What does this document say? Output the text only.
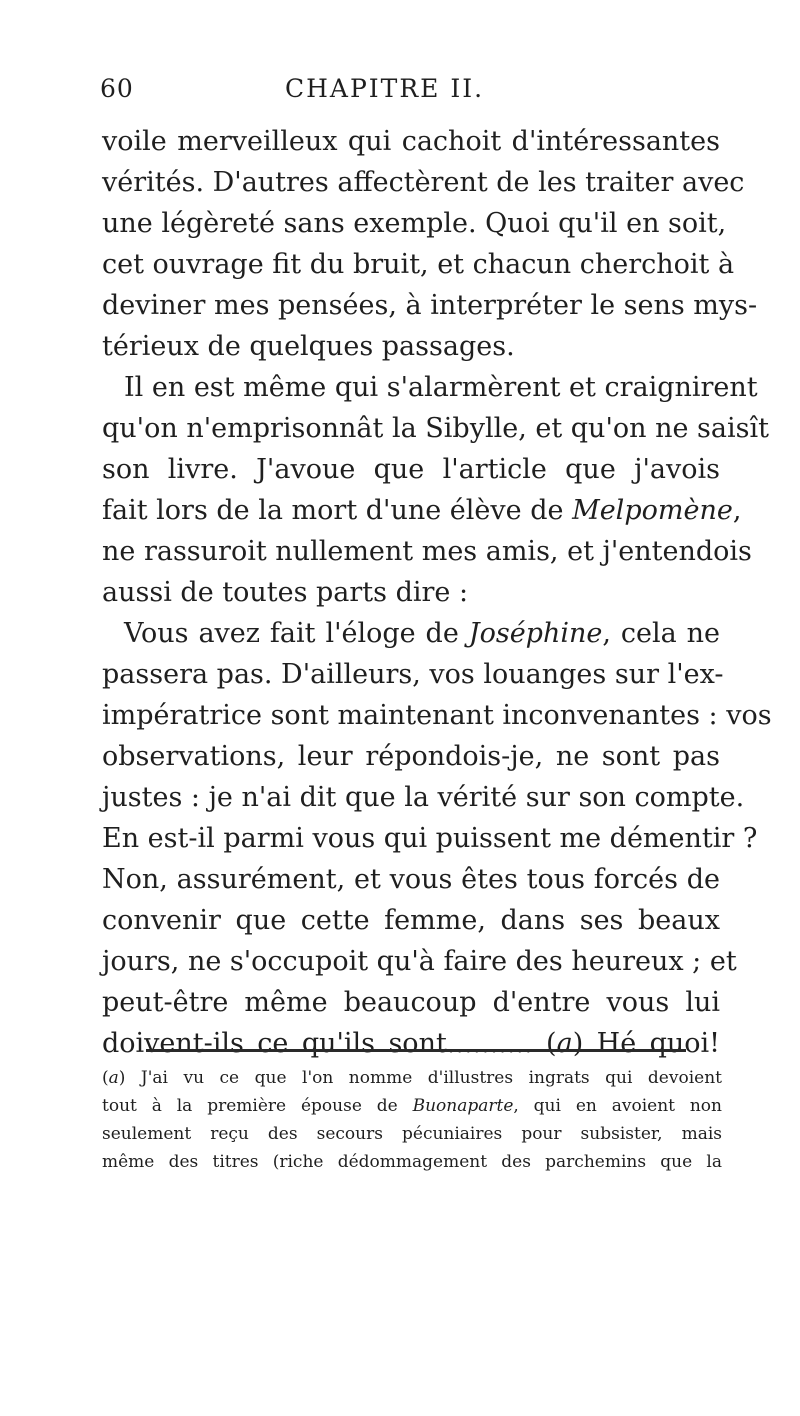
60	CHAPITRE II.
voile merveilleux qui cachoit d'intéressantes
vérités. D'autres affectèrent de les traiter avec
une légèreté sans exemple. Quoi qu'il en soit,
cet ouvrage fit du bruit, et chacun cherchoit à
deviner mes pensées, à interpréter le sens mys-
térieux de quelques passages.
Il en est même qui s'alarmèrent et craignirent
qu'on n'emprisonnât la Sibylle, et qu'on ne saisît
son livre. J'avoue que l'article que j'avois
fait lors de la mort d'une élève de Melpomène,
ne rassuroit nullement mes amis, et j'entendois
aussi de toutes parts dire :
Vous avez fait l'éloge de Joséphine, cela ne
passera pas. D'ailleurs, vos louanges sur l'ex-
impératrice sont maintenant inconvenantes : vos
observations, leur répondois-je, ne sont pas
justes : je n'ai dit que la vérité sur son compte.
En est-il parmi vous qui puissent me démentir ?
Non, assurément, et vous êtes tous forcés de
convenir que cette femme, dans ses beaux
jours, ne s'occupoit qu'à faire des heureux ; et
peut-être même beaucoup d'entre vous lui
doivent-ils ce qu'ils sont.......... (a) Hé quoi!
(a) J'ai vu ce que l'on nomme d'illustres ingrats qui devoient
tout à la première épouse de Buonaparte, qui en avoient non
seulement reçu des secours pécuniaires pour subsister, mais
même des titres (riche dédommagement des parchemins que la
